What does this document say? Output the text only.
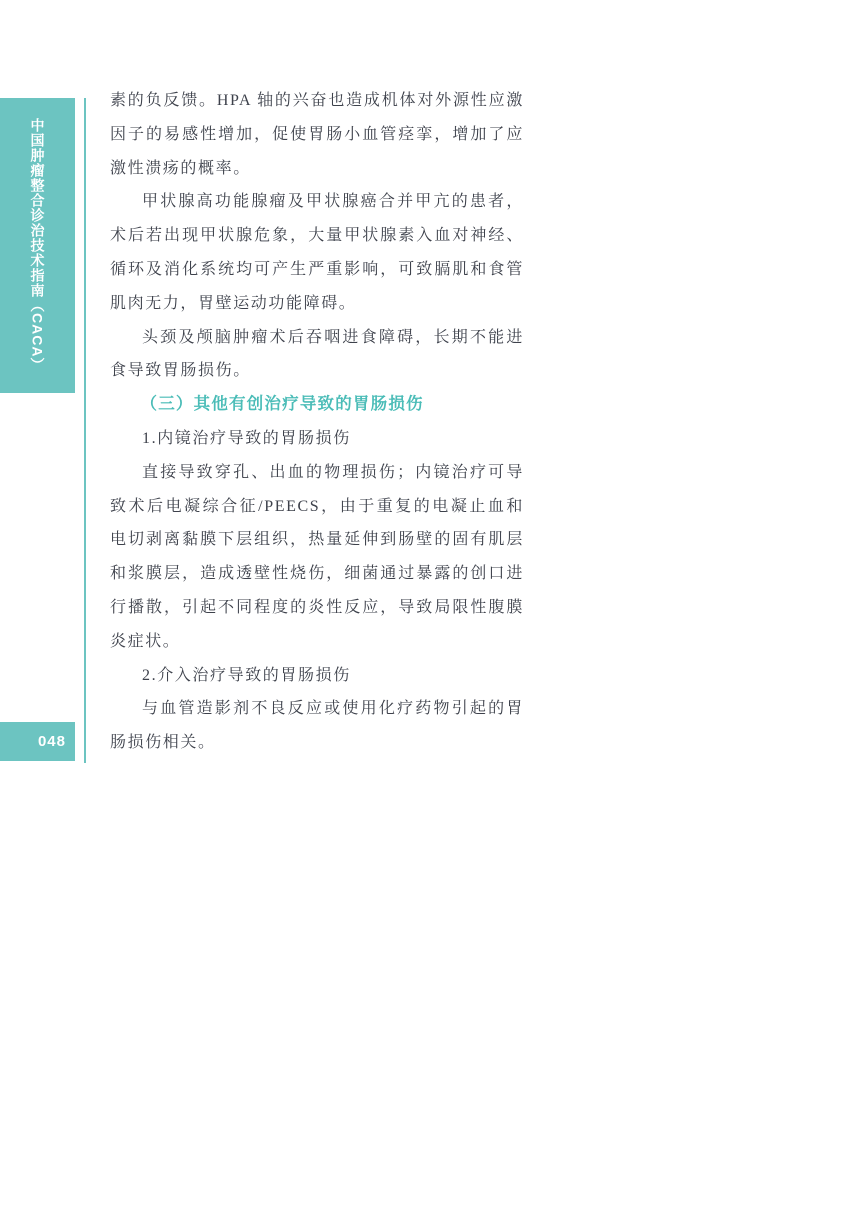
中国肿瘤整合诊治技术指南（CACA）
048

素的负反馈。HPA 轴的兴奋也造成机体对外源性应激因子的易感性增加，促使胃肠小血管痉挛，增加了应激性溃疡的概率。

甲状腺高功能腺瘤及甲状腺癌合并甲亢的患者，术后若出现甲状腺危象，大量甲状腺素入血对神经、循环及消化系统均可产生严重影响，可致膈肌和食管肌肉无力，胃壁运动功能障碍。

头颈及颅脑肿瘤术后吞咽进食障碍，长期不能进食导致胃肠损伤。

（三）其他有创治疗导致的胃肠损伤

1.内镜治疗导致的胃肠损伤

直接导致穿孔、出血的物理损伤；内镜治疗可导致术后电凝综合征/PEECS，由于重复的电凝止血和电切剥离黏膜下层组织，热量延伸到肠壁的固有肌层和浆膜层，造成透壁性烧伤，细菌通过暴露的创口进行播散，引起不同程度的炎性反应，导致局限性腹膜炎症状。

2.介入治疗导致的胃肠损伤

与血管造影剂不良反应或使用化疗药物引起的胃肠损伤相关。
